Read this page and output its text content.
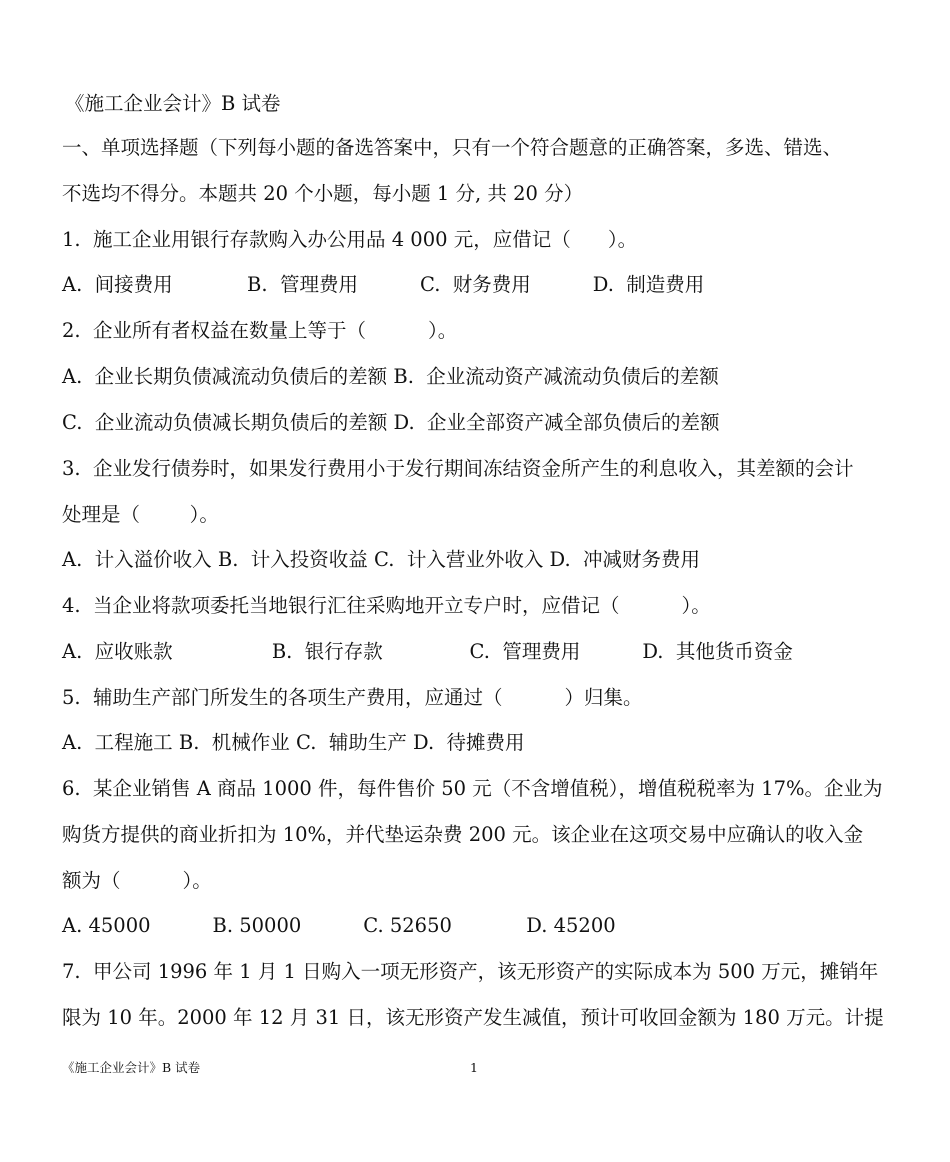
《施工企业会计》B 试卷
一、单项选择题（下列每小题的备选答案中，只有一个符合题意的正确答案，多选、错选、
不选均不得分。本题共 20 个小题，每小题 1 分, 共 20 分）
1.  施工企业用银行存款购入办公用品 4 000 元，应借记（      ）。
A.  间接费用            B.  管理费用          C.  财务费用          D.  制造费用
2.  企业所有者权益在数量上等于（          ）。
A.  企业长期负债减流动负债后的差额 B.  企业流动资产减流动负债后的差额
C.  企业流动负债减长期负债后的差额 D.  企业全部资产减全部负债后的差额
3.  企业发行债券时，如果发行费用小于发行期间冻结资金所产生的利息收入，其差额的会计
处理是（        ）。
A.  计入溢价收入 B.  计入投资收益 C.  计入营业外收入 D.  冲减财务费用
4.  当企业将款项委托当地银行汇往采购地开立专户时，应借记（          ）。
A.  应收账款                B.  银行存款              C.  管理费用          D.  其他货币资金
5.  辅助生产部门所发生的各项生产费用，应通过（          ）归集。
A.  工程施工 B.  机械作业 C.  辅助生产 D.  待摊费用
6.  某企业销售 A 商品 1000 件，每件售价 50 元（不含增值税），增值税税率为 17%。企业为
购货方提供的商业折扣为 10%，并代垫运杂费 200 元。该企业在这项交易中应确认的收入金
额为（          ）。
A. 45000          B. 50000          C. 52650            D. 45200
7.  甲公司 1996 年 1 月 1 日购入一项无形资产，该无形资产的实际成本为 500 万元，摊销年
限为 10 年。2000 年 12 月 31 日，该无形资产发生减值，预计可收回金额为 180 万元。计提
《施工企业会计》B 试卷	1
